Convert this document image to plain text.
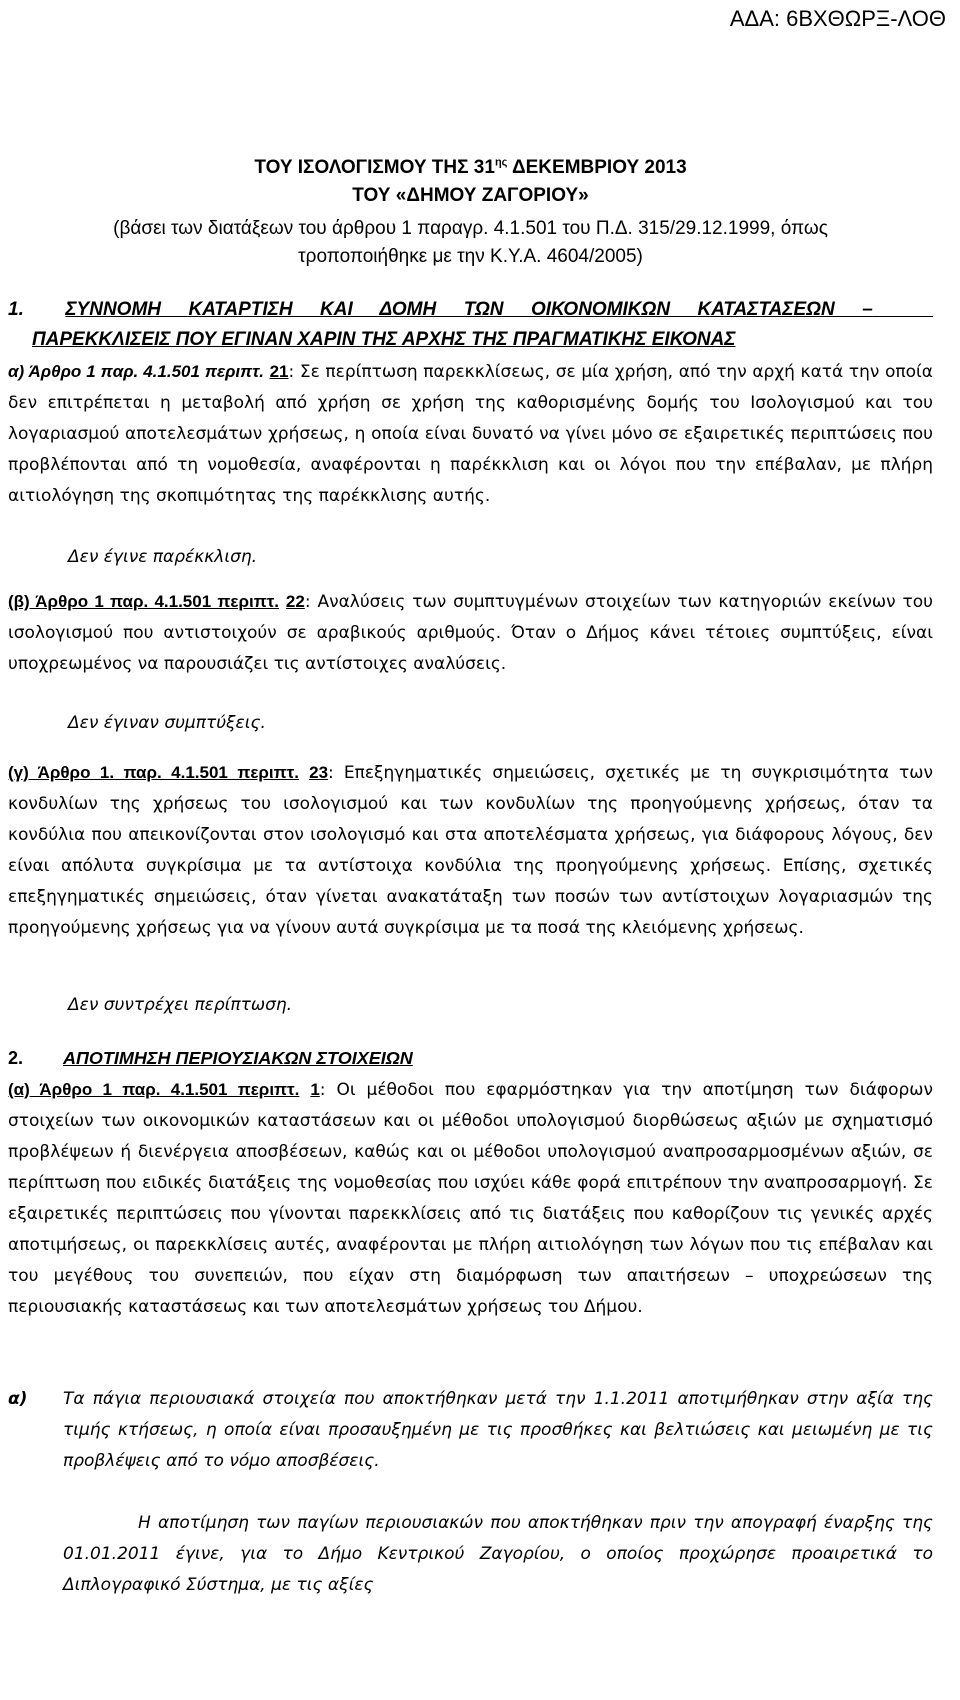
ΑΔΑ: 6ΒΧΘΩΡΞ-ΛΟΘ
ΤΟΥ ΙΣΟΛΟΓΙΣΜΟΥ ΤΗΣ $31^{\eta\varsigma}$ ΔΕΚΕΜΒΡΙΟΥ 2013
ΤΟΥ «ΔΗΜΟΥ ΖΑΓΟΡΙΟΥ»
(βάσει των διατάξεων του άρθρου 1 παραγρ. 4.1.501 του Π.Δ. 315/29.12.1999, όπως
τροποποιήθηκε με την Κ.Υ.Α. 4604/2005)
1. ΣΥΝΝΟΜΗ ΚΑΤΑΡΤΙΣΗ ΚΑΙ ΔΟΜΗ ΤΩΝ ΟΙΚΟΝΟΜΙΚΩΝ ΚΑΤΑΣΤΑΣΕΩΝ –
ΠΑΡΕΚΚΛΙΣΕΙΣ ΠΟΥ ΕΓΙΝΑΝ ΧΑΡΙΝ ΤΗΣ ΑΡΧΗΣ ΤΗΣ ΠΡΑΓΜΑΤΙΚΗΣ ΕΙΚΟΝΑΣ
α) Άρθρο 1 παρ. 4.1.501 περιπτ. 21: Σε περίπτωση παρεκκλίσεως, σε μία χρήση, από την αρχή κατά την οποία δεν επιτρέπεται η μεταβολή από χρήση σε χρήση της καθορισμένης δομής του Ισολογισμού και του λογαριασμού αποτελεσμάτων χρήσεως, η οποία είναι δυνατό να γίνει μόνο σε εξαιρετικές περιπτώσεις που προβλέπονται από τη νομοθεσία, αναφέρονται η παρέκκλιση και οι λόγοι που την επέβαλαν, με πλήρη αιτιολόγηση της σκοπιμότητας της παρέκκλισης αυτής.
Δεν έγινε παρέκκλιση.
(β) Άρθρο 1 παρ. 4.1.501 περιπτ. 22: Αναλύσεις των συμπτυγμένων στοιχείων των κατηγοριών εκείνων του ισολογισμού που αντιστοιχούν σε αραβικούς αριθμούς. Όταν ο Δήμος κάνει τέτοιες συμπτύξεις, είναι υποχρεωμένος να παρουσιάζει τις αντίστοιχες αναλύσεις.
Δεν έγιναν συμπτύξεις.
(γ) Άρθρο 1. παρ. 4.1.501 περιπτ. 23: Επεξηγηματικές σημειώσεις, σχετικές με τη συγκρισιμότητα των κονδυλίων της χρήσεως του ισολογισμού και των κονδυλίων της προηγούμενης χρήσεως, όταν τα κονδύλια που απεικονίζονται στον ισολογισμό και στα αποτελέσματα χρήσεως, για διάφορους λόγους, δεν είναι απόλυτα συγκρίσιμα με τα αντίστοιχα κονδύλια της προηγούμενης χρήσεως. Επίσης, σχετικές επεξηγηματικές σημειώσεις, όταν γίνεται ανακατάταξη των ποσών των αντίστοιχων λογαριασμών της προηγούμενης χρήσεως για να γίνουν αυτά συγκρίσιμα με τα ποσά της κλειόμενης χρήσεως.
Δεν συντρέχει περίπτωση.
2. ΑΠΟΤΙΜΗΣΗ ΠΕΡΙΟΥΣΙΑΚΩΝ ΣΤΟΙΧΕΙΩΝ
(α) Άρθρο 1 παρ. 4.1.501 περιπτ. 1: Οι μέθοδοι που εφαρμόστηκαν για την αποτίμηση των διάφορων στοιχείων των οικονομικών καταστάσεων και οι μέθοδοι υπολογισμού διορθώσεως αξιών με σχηματισμό προβλέψεων ή διενέργεια αποσβέσεων, καθώς και οι μέθοδοι υπολογισμού αναπροσαρμοσμένων αξιών, σε περίπτωση που ειδικές διατάξεις της νομοθεσίας που ισχύει κάθε φορά επιτρέπουν την αναπροσαρμογή. Σε εξαιρετικές περιπτώσεις που γίνονται παρεκκλίσεις από τις διατάξεις που καθορίζουν τις γενικές αρχές αποτιμήσεως, οι παρεκκλίσεις αυτές, αναφέρονται με πλήρη αιτιολόγηση των λόγων που τις επέβαλαν και του μεγέθους του συνεπειών, που είχαν στη διαμόρφωση των απαιτήσεων – υποχρεώσεων της περιουσιακής καταστάσεως και των αποτελεσμάτων χρήσεως του Δήμου.
α) Τα πάγια περιουσιακά στοιχεία που αποκτήθηκαν μετά την 1.1.2011 αποτιμήθηκαν στην αξία της τιμής κτήσεως, η οποία είναι προσαυξημένη με τις προσθήκες και βελτιώσεις και μειωμένη με τις προβλέψεις από το νόμο αποσβέσεις.
Η αποτίμηση των παγίων περιουσιακών που αποκτήθηκαν πριν την απογραφή έναρξης της 01.01.2011 έγινε, για το Δήμο Κεντρικού Ζαγορίου, ο οποίος προχώρησε προαιρετικά το Διπλογραφικό Σύστημα, με τις αξίες
